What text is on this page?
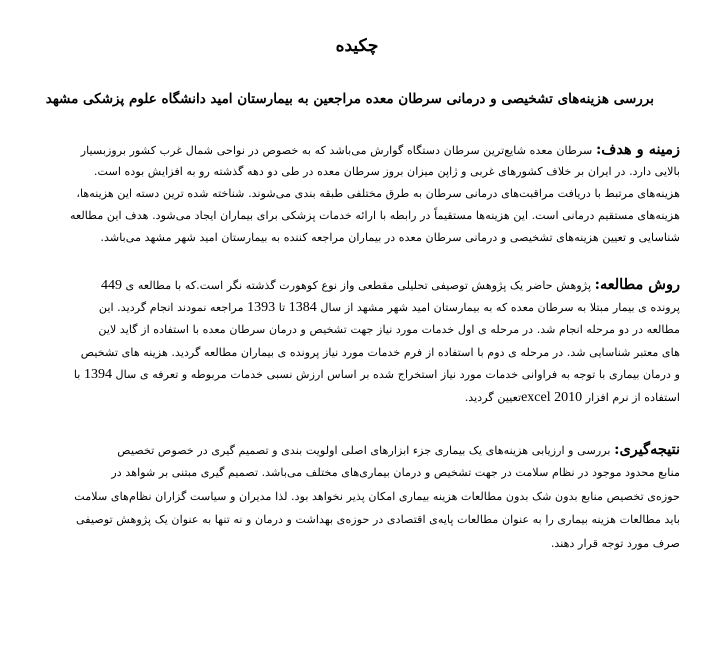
چکیده
بررسی هزینه‌های تشخیصی و درمانی سرطان معده مراجعین به بیمارستان امید دانشگاه علوم پزشکی مشهد
زمینه و هدف: سرطان معده شایع‌ترین سرطان دستگاه گوارش می‌باشد که به خصوص در نواحی شمال غرب کشور بروزبسیار
بالایی دارد. در ایران بر خلاف کشورهای غربی و ژاپن میزان بروز سرطان معده در طی دو دهه گذشته رو به افزایش بوده است.
هزینه‌های مرتبط با دریافت مراقبت‌های درمانی سرطان به طرق مختلفی طبقه بندی می‌شوند. شناخته شده ترین دسته این هزینه‌ها،
هزینه‌های مستقیم درمانی است. این هزینه‌ها مستقیماً در رابطه با ارائه خدمات پزشکی برای بیماران ایجاد می‌شود. هدف این مطالعه
شناسایی و تعیین هزینه‌های تشخیصی و درمانی سرطان معده در بیماران مراجعه کننده به بیمارستان امید شهر مشهد می‌باشد.
روش مطالعه: پژوهش حاضر یک پژوهش توصیفی تحلیلی مقطعی واز نوع کوهورت گذشته نگر است.که با مطالعه ی 449
پرونده ی بیمار مبتلا به سرطان معده که به بیمارستان امید شهر مشهد از سال 1384 تا 1393 مراجعه نمودند انجام گردید. این
مطالعه در دو مرحله انجام شد. در مرحله ی اول خدمات مورد نیاز جهت تشخیص و درمان سرطان معده با استفاده از گاید لاین
های معتبر شناسایی شد. در مرحله ی دوم با استفاده از فرم خدمات مورد نیاز پرونده ی بیماران مطالعه گردید. هزینه های تشخیص
و درمان بیماری با توجه به فراوانی خدمات مورد نیاز استخراج شده بر اساس ارزش نسبی خدمات مربوطه و تعرفه ی سال 1394 با
استفاده از نرم افزار excel 2010تعیین گردید.
نتیجه‌گیری: بررسی و ارزیابی هزینه‌های یک بیماری جزء ابزارهای اصلی اولویت بندی و تصمیم گیری در خصوص تخصیص
منابع محدود موجود در نظام سلامت در جهت تشخیص و درمان بیماری‌های مختلف می‌باشد. تصمیم گیری مبتنی بر شواهد در
حوزه‌ی تخصیص منابع بدون شک بدون مطالعات هزینه بیماری امکان پذیر نخواهد بود. لذا مدیران و سیاست گزاران نظام‌های سلامت
باید مطالعات هزینه بیماری را به عنوان مطالعات پایه‌ی اقتصادی در حوزه‌ی بهداشت و درمان و نه تنها به عنوان یک پژوهش توصیفی
صرف مورد توجه قرار دهند.
